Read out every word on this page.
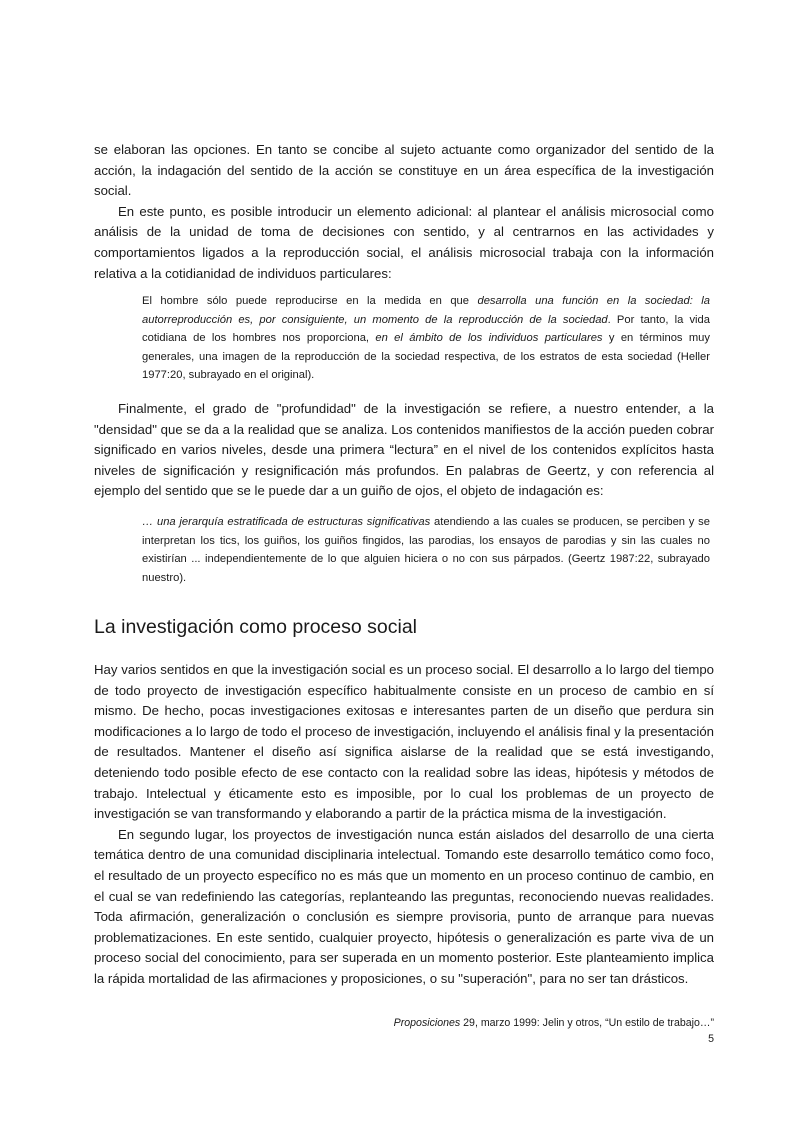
se elaboran las opciones. En tanto se concibe al sujeto actuante como organizador del sentido de la acción, la indagación del sentido de la acción se constituye en un área específica de la investigación social.

En este punto, es posible introducir un elemento adicional: al plantear el análisis microsocial como análisis de la unidad de toma de decisiones con sentido, y al centrarnos en las actividades y comportamientos ligados a la reproducción social, el análisis microsocial trabaja con la información relativa a la cotidianidad de individuos particulares:

El hombre sólo puede reproducirse en la medida en que desarrolla una función en la sociedad: la autorreproducción es, por consiguiente, un momento de la reproducción de la sociedad. Por tanto, la vida cotidiana de los hombres nos proporciona, en el ámbito de los individuos particulares y en términos muy generales, una imagen de la reproducción de la sociedad respectiva, de los estratos de esta sociedad (Heller 1977:20, subrayado en el original).

Finalmente, el grado de "profundidad" de la investigación se refiere, a nuestro entender, a la "densidad" que se da a la realidad que se analiza. Los contenidos manifiestos de la acción pueden cobrar significado en varios niveles, desde una primera “lectura” en el nivel de los contenidos explícitos hasta niveles de significación y resignificación más profundos. En palabras de Geertz, y con referencia al ejemplo del sentido que se le puede dar a un guiño de ojos, el objeto de indagación es:

… una jerarquía estratificada de estructuras significativas atendiendo a las cuales se producen, se perciben y se interpretan los tics, los guiños, los guiños fingidos, las parodias, los ensayos de parodias y sin las cuales no existirían ... independientemente de lo que alguien hiciera o no con sus párpados. (Geertz 1987:22, subrayado nuestro).

La investigación como proceso social

Hay varios sentidos en que la investigación social es un proceso social. El desarrollo a lo largo del tiempo de todo proyecto de investigación específico habitualmente consiste en un proceso de cambio en sí mismo. De hecho, pocas investigaciones exitosas e interesantes parten de un diseño que perdura sin modificaciones a lo largo de todo el proceso de investigación, incluyendo el análisis final y la presentación de resultados. Mantener el diseño así significa aislarse de la realidad que se está investigando, deteniendo todo posible efecto de ese contacto con la realidad sobre las ideas, hipótesis y métodos de trabajo. Intelectual y éticamente esto es imposible, por lo cual los problemas de un proyecto de investigación se van transformando y elaborando a partir de la práctica misma de la investigación.

En segundo lugar, los proyectos de investigación nunca están aislados del desarrollo de una cierta temática dentro de una comunidad disciplinaria intelectual. Tomando este desarrollo temático como foco, el resultado de un proyecto específico no es más que un momento en un proceso continuo de cambio, en el cual se van redefiniendo las categorías, replanteando las preguntas, reconociendo nuevas realidades. Toda afirmación, generalización o conclusión es siempre provisoria, punto de arranque para nuevas problematizaciones. En este sentido, cualquier proyecto, hipótesis o generalización es parte viva de un proceso social del conocimiento, para ser superada en un momento posterior. Este planteamiento implica la rápida mortalidad de las afirmaciones y proposiciones, o su "superación", para no ser tan drásticos.

Proposiciones 29, marzo 1999: Jelin y otros, “Un estilo de trabajo…”5
